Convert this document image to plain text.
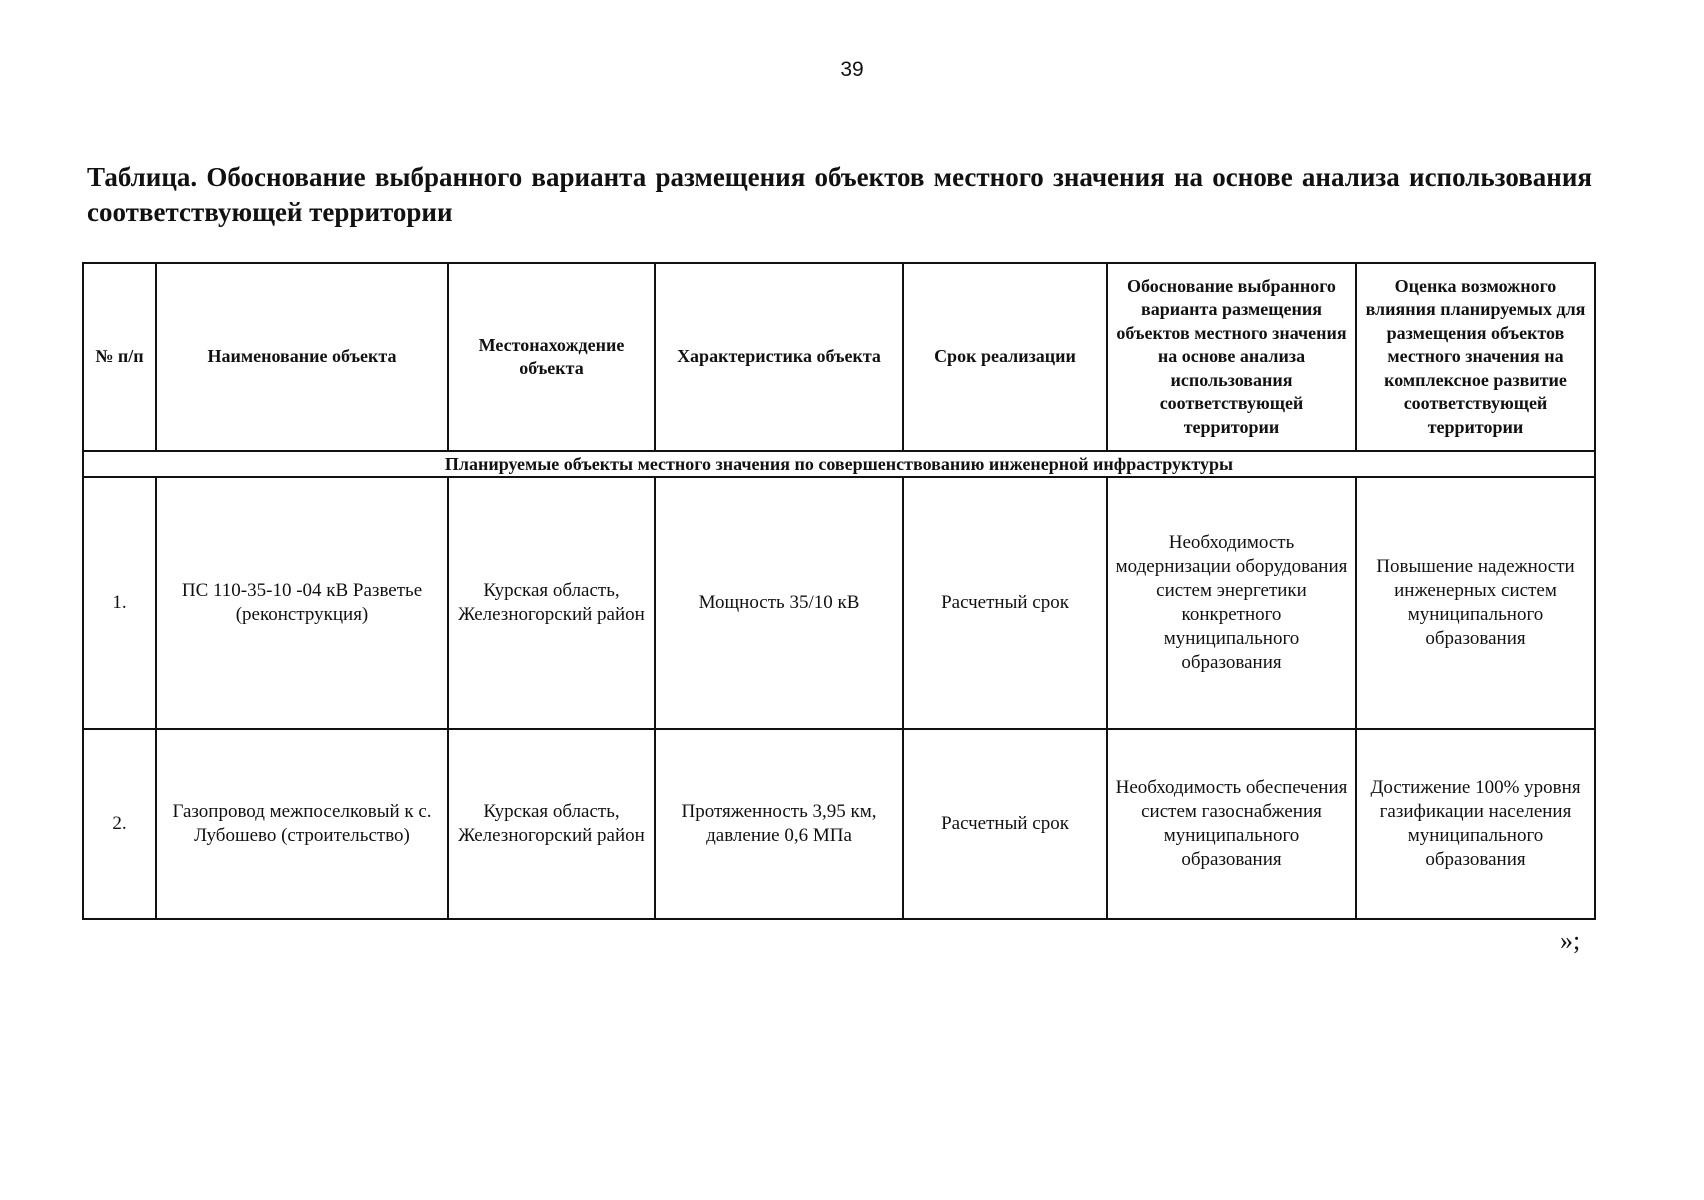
39
Таблица. Обоснование выбранного варианта размещения объектов местного значения на основе анализа использования соответствующей территории
№ п/п	Наименование объекта	Местонахождение объекта	Характеристика объекта	Срок реализации	Обоснование выбранного варианта размещения объектов местного значения на основе анализа использования соответствующей территории	Оценка возможного влияния планируемых для размещения объектов местного значения на комплексное развитие соответствующей территории
Планируемые объекты местного значения по совершенствованию инженерной инфраструктуры						
1.	ПС 110-35-10 -04 кВ Разветье (реконструкция)	Курская область, Железногорский район	Мощность 35/10 кВ	Расчетный срок	Необходимость модернизации оборудования систем энергетики конкретного муниципального образования	Повышение надежности инженерных систем муниципального образования
2.	Газопровод межпоселковый к с. Лубошево (строительство)	Курская область, Железногорский район	Протяженность 3,95 км, давление 0,6 МПа	Расчетный срок	Необходимость обеспечения систем газоснабжения муниципального образования	Достижение 100% уровня газификации населения муниципального образования
»;
